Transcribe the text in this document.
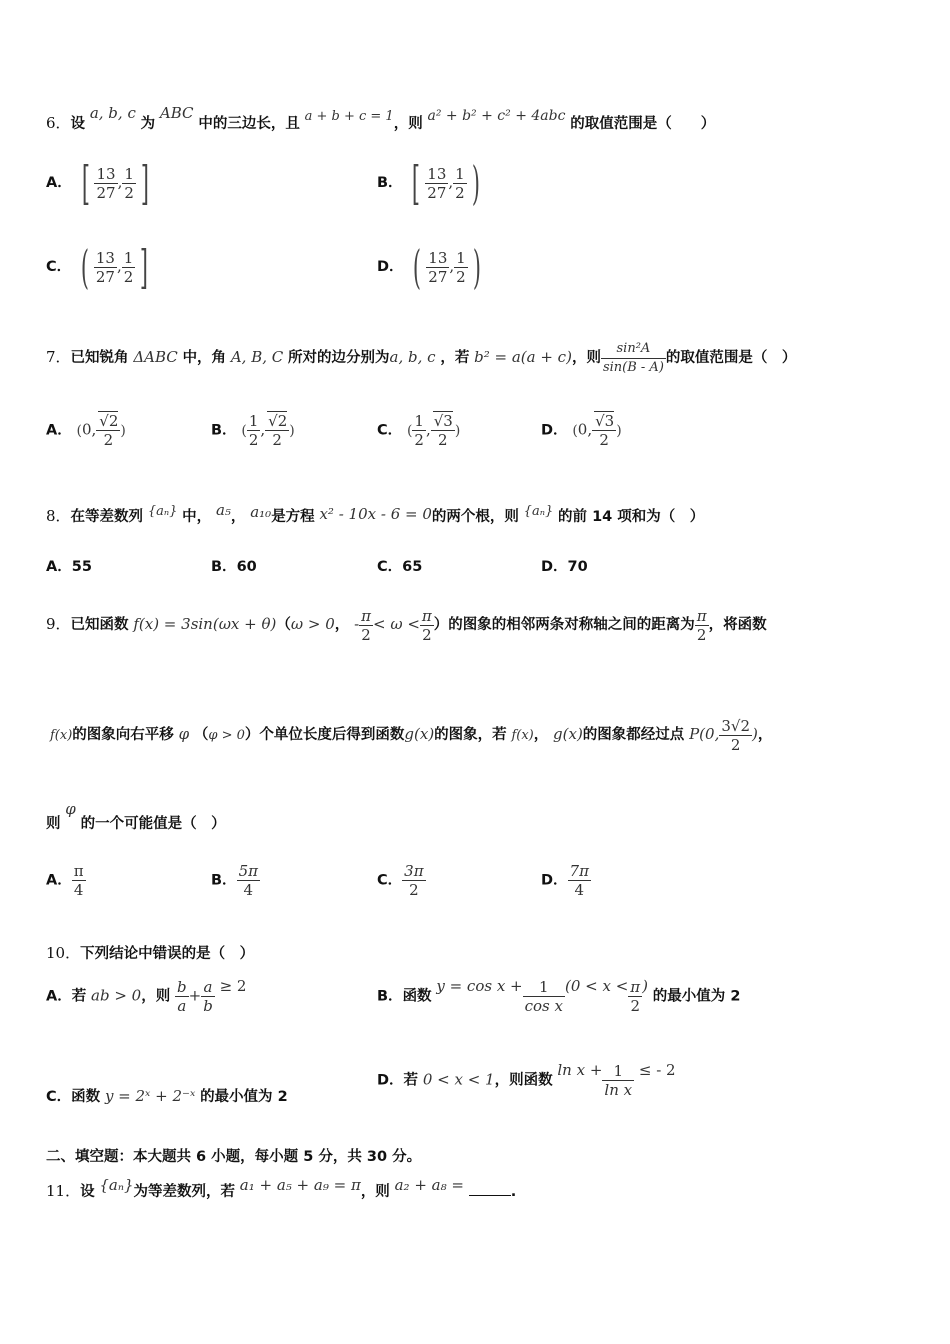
6．设 a, b, c 为 ABC 中的三边长，且 a + b + c = 1，则 a² + b² + c² + 4abc 的取值范围是（　　）
A． [ $\frac{13}{27}$ , $\frac{1}{2}$ ]	B． [ $\frac{13}{27}$ , $\frac{1}{2}$ )
C． ( $\frac{13}{27}$ , $\frac{1}{2}$ ]	D． ( $\frac{13}{27}$ , $\frac{1}{2}$ )
7．已知锐角 ΔABC 中，角 A, B, C 所对的边分别为a, b, c ，若 b² = a(a + c)，则 $\frac{\text{sin²A}}{\sin(B - A)}$ 的取值范围是（　）
A． (0, $\frac{√2}{2}$ )	B． ( $\frac{1}{2}$ , $\frac{√2}{2}$ )	C． ( $\frac{1}{2}$ , $\frac{√3}{2}$ )	D． (0, $\frac{√3}{2}$ )
8．在等差数列 {aₙ} 中， a₅， a₁₀是方程 x² - 10x - 6 = 0的两个根，则 {aₙ} 的前 14 项和为（　）
A．55	B．60	C．65	D．70
9．已知函数 f(x) = 3sin(ωx + θ)（ω > 0， - $\frac{\pi}{2} < \omega < \frac{\pi}{2}$ ）的图象的相邻两条对称轴之间的距离为 $\frac{\pi}{2}$ ，将函数
f(x)的图象向右平移 φ （φ > 0）个单位长度后得到函数g(x)的图象，若 f(x)， g(x)的图象都经过点 P(0, $\frac{3√2}{2}$ )，
则 φ 的一个可能值是（　）
A． $\frac{\pi}{4}$	B． $\frac{5\pi}{4}$	C． $\frac{3\pi}{2}$	D． $\frac{7\pi}{4}$
10．下列结论中错误的是（　）
A．若 ab > 0，则 $\frac{b}{a} + \frac{a}{b} \ge 2$
B．函数 $y = \cos x + \frac{1}{\text{cos x}} (0 < x < \frac{\pi}{2}$ ) 的最小值为 2
C．函数 y = 2ˣ + 2⁻ˣ 的最小值为 2
D．若 0 < x < 1，则函数 $\ln x + \frac{1}{\text{ln x}}$ ≤ - 2
二、填空题：本大题共 6 小题，每小题 5 分，共 30 分。
11．设 {aₙ}为等差数列，若 a₁ + a₅ + a₉ = π，则 a₂ + a₈ =	.
